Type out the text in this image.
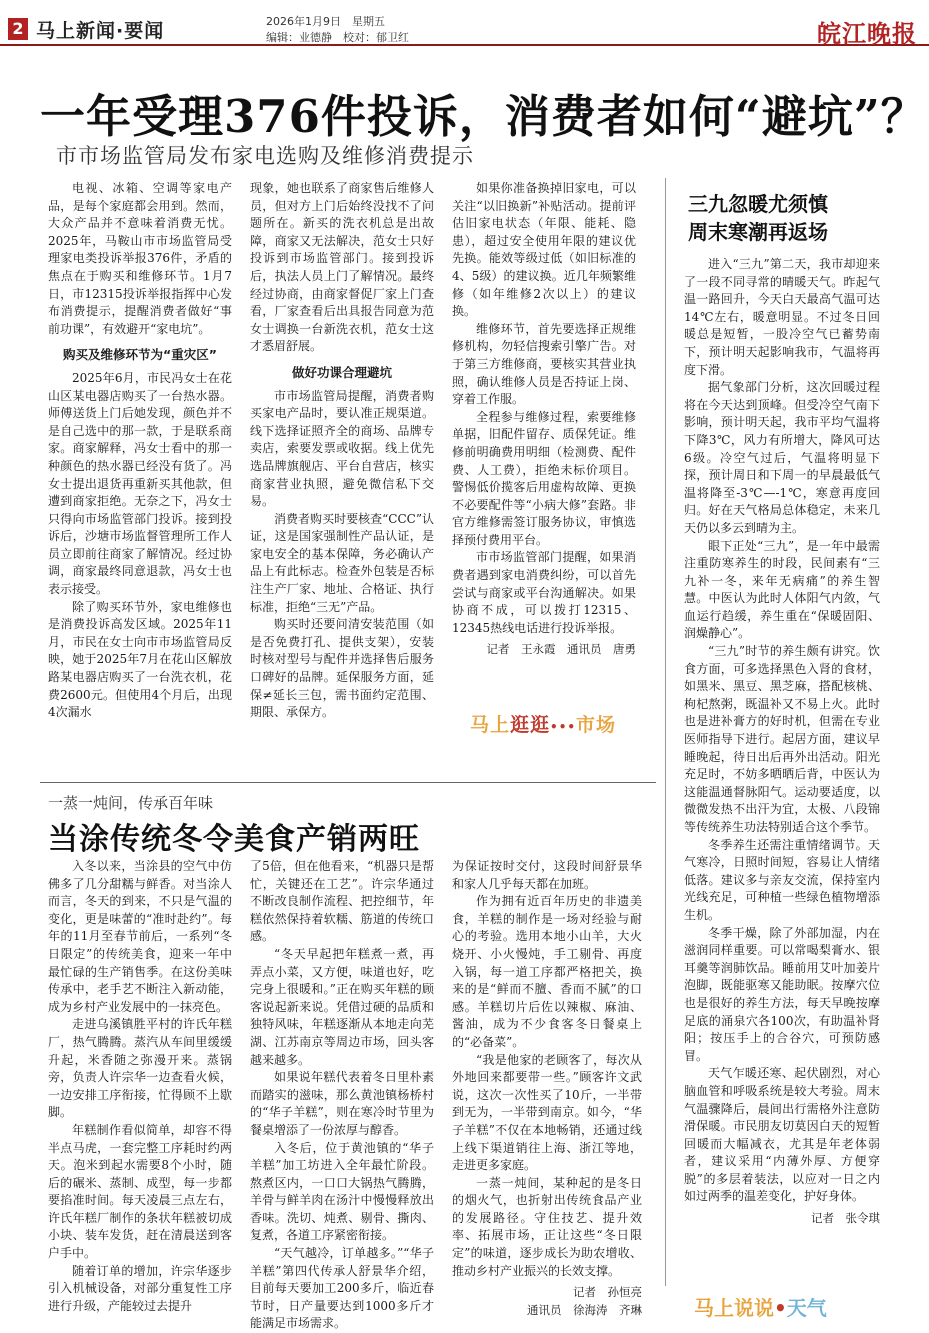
2 马上新闻·要闻	2026年1月9日　星期五
编辑：业德静　校对：郁卫红	皖江晚报
一年受理376件投诉，消费者如何“避坑”？
市市场监管局发布家电选购及维修消费提示

电视、冰箱、空调等家电产品，是每个家庭都会用到。然而，大众产品并不意味着消费无忧。2025年，马鞍山市市场监管局受理家电类投诉举报376件，矛盾的焦点在于购买和维修环节。1月7日，市12315投诉举报指挥中心发布消费提示，提醒消费者做好“事前功课”，有效避开“家电坑”。

购买及维修环节为“重灾区”

2025年6月，市民冯女士在花山区某电器店购买了一台热水器。师傅送货上门后她发现，颜色并不是自己选中的那一款，于是联系商家。商家解释，冯女士看中的那一种颜色的热水器已经没有货了。冯女士提出退货再重新买其他款，但遭到商家拒绝。无奈之下，冯女士只得向市场监管部门投诉。接到投诉后，沙塘市场监督管理所工作人员立即前往商家了解情况。经过协调，商家最终同意退款，冯女士也表示接受。

除了购买环节外，家电维修也是消费投诉高发区域。2025年11月，市民在女士向市市场监管局反映，她于2025年7月在花山区解放路某电器店购买了一台洗衣机，花费2600元。但使用4个月后，出现4次漏水

现象，她也联系了商家售后维修人员，但对方上门后始终没找不了问题所在。新买的洗衣机总是出故障，商家又无法解决，范女士只好投诉到市场监管部门。接到投诉后，执法人员上门了解情况。最终经过协商，由商家督促厂家上门查看，厂家查看后出具报告同意为范女士调换一台新洗衣机，范女士这才悉眉舒展。

做好功课合理避坑

市市场监管局提醒，消费者购买家电产品时，要认准正规渠道。线下选择证照齐全的商场、品牌专卖店，索要发票或收据。线上优先选品牌旗舰店、平台自营店，核实商家营业执照，避免微信私下交易。

消费者购买时要核查“CCC”认证，这是国家强制性产品认证，是家电安全的基本保障，务必确认产品上有此标志。检查外包装是否标注生产厂家、地址、合格证、执行标准，拒绝“三无”产品。

购买时还要问清安装范围（如是否免费打孔、提供支架），安装时核对型号与配件并选择售后服务口碑好的品牌。延保服务方面，延保≠延长三包，需书面约定范围、期限、承保方。

如果你准备换掉旧家电，可以关注“以旧换新”补贴活动。提前评估旧家电状态（年限、能耗、隐患），超过安全使用年限的建议优先换。能效等级过低（如旧标准的4、5级）的建议换。近几年频繁维修（如年维修2次以上）的建议换。

维修环节，首先要选择正规维修机构，勿轻信搜索引擎广告。对于第三方维修商，要核实其营业执照，确认维修人员是否持证上岗、穿着工作服。

全程参与维修过程，索要维修单据，旧配件留存、质保凭证。维修前明确费用明细（检测费、配件费、人工费），拒绝未标价项目。警惕低价揽客后用虚构故障、更换不必要配件等“小病大修”套路。非官方维修需签订服务协议，审慎选择预付费用平台。

市市场监管部门提醒，如果消费者遇到家电消费纠纷，可以首先尝试与商家或平台沟通解决。如果协商不成，可以拨打12315、12345热线电话进行投诉举报。

记者　王永霞　通讯员　唐勇

马上逛逛•••市场
一蒸一炖间，传承百年味
当涂传统冬令美食产销两旺

入冬以来，当涂县的空气中仿佛多了几分甜糯与鲜香。对当涂人而言，冬天的到来，不只是气温的变化，更是味蕾的“准时赴约”。每年的11月至春节前后，一系列“冬日限定”的传统美食，迎来一年中最忙碌的生产销售季。在这份美味传承中，老手艺不断注入新动能，成为乡村产业发展中的一抹亮色。

走进乌溪镇胜平村的许氏年糕厂，热气腾腾。蒸汽从车间里缓缓升起，米香随之弥漫开来。蒸锅旁，负责人许宗华一边查看火候，一边安排工序衔接，忙得顾不上歇脚。

年糕制作看似简单，却容不得半点马虎，一套完整工序耗时约两天。泡米到起水需要8个小时，随后的碾米、蒸制、成型，每一步都要掐准时间。每天凌晨三点左右，许氏年糕厂制作的条状年糕被切成小块、装车发货，赶在清晨送到客户手中。

随着订单的增加，许宗华逐步引入机械设备，对部分重复性工序进行升级，产能较过去提升

了5倍，但在他看来，“机器只是帮忙，关键还在工艺”。许宗华通过不断改良制作流程、把控细节，年糕依然保持着软糯、筋道的传统口感。

“冬天早起把年糕煮一煮，再弄点小菜，又方便，味道也好，吃完身上很暖和。”正在购买年糕的顾客说起新来说。凭借过硬的品质和独特风味，年糕逐渐从本地走向芜湖、江苏南京等周边市场，回头客越来越多。

如果说年糕代表着冬日里朴素而踏实的滋味，那么黄池镇杨桥村的“华子羊糕”，则在寒冷时节里为餐桌增添了一份浓厚与醇香。

入冬后，位于黄池镇的“华子羊糕”加工坊进入全年最忙阶段。熬煮区内，一口口大锅热气腾腾，羊骨与鲜羊肉在汤汁中慢慢释放出香味。洗切、炖煮、剔骨、撕肉、复煮，各道工序紧密衔接。

“天气越冷，订单越多。”“华子羊糕”第四代传承人舒景华介绍，目前每天要加工200多斤，临近春节时，日产量要达到1000多斤才能满足市场需求。

为保证按时交付，这段时间舒景华和家人几乎每天都在加班。

作为拥有近百年历史的非遗美食，羊糕的制作是一场对经验与耐心的考验。选用本地小山羊，大火烧开、小火慢炖，手工剔骨、再度入锅，每一道工序都严格把关，换来的是“鲜而不膻、香而不腻”的口感。羊糕切片后佐以辣椒、麻油、酱油，成为不少食客冬日餐桌上的“必备菜”。

“我是他家的老顾客了，每次从外地回来都要带一些。”顾客许文武说，这次一次性买了10斤，一半带到无为，一半带到南京。如今，“华子羊糕”不仅在本地畅销，还通过线上线下渠道销往上海、浙江等地，走进更多家庭。

一蒸一炖间，某种起的是冬日的烟火气，也折射出传统食品产业的发展路径。守住技艺、提升效率、拓展市场，正让这些“冬日限定”的味道，逐步成长为助农增收、推动乡村产业振兴的长效支撑。

记者　孙恒亮

通讯员　徐海涛　齐琳

三九忽暖尤须慎
周末寒潮再返场

进入“三九”第二天，我市却迎来了一段不同寻常的晴暖天气。昨起气温一路回升，今天白天最高气温可达14℃左右，暖意明显。不过冬日回暖总是短暂，一股冷空气已蓄势南下，预计明天起影响我市，气温将再度下滑。

据气象部门分析，这次回暖过程将在今天达到顶峰。但受冷空气南下影响，预计明天起，我市平均气温将下降3℃，风力有所增大，降风可达6级。冷空气过后，气温将明显下探，预计周日和下周一的早晨最低气温将降至-3℃—-1℃，寒意再度回归。好在天气格局总体稳定，未来几天仍以多云到晴为主。

眼下正处“三九”，是一年中最需注重防寒养生的时段，民间素有“三九补一冬，来年无病痛”的养生智慧。中医认为此时人体阳气内敛，气血运行趋缓，养生重在“保暖固阳、润燥静心”。

“三九”时节的养生颇有讲究。饮食方面，可多选择黑色入肾的食材，如黑米、黑豆、黑芝麻，搭配核桃、枸杞熬粥，既温补又不易上火。此时也是进补膏方的好时机，但需在专业医师指导下进行。起居方面，建议早睡晚起，待日出后再外出活动。阳光充足时，不妨多晒晒后背，中医认为这能温通督脉阳气。运动要适度，以微微发热不出汗为宜，太极、八段锦等传统养生功法特别适合这个季节。

冬季养生还需注重情绪调节。天气寒冷，日照时间短，容易让人情绪低落。建议多与亲友交流，保持室内光线充足，可种植一些绿色植物增添生机。

冬季干燥，除了外部加湿，内在滋润同样重要。可以常喝梨膏水、银耳羹等润肺饮品。睡前用艾叶加姜片泡脚，既能驱寒又能助眠。按摩穴位也是很好的养生方法，每天早晚按摩足底的涌泉穴各100次，有助温补肾阳；按压手上的合谷穴，可预防感冒。

天气乍暖还寒、起伏剧烈，对心脑血管和呼吸系统是较大考验。周末气温骤降后，晨间出行需格外注意防滑保暖。市民朋友切莫因白天的短暂回暖而大幅减衣，尤其是年老体弱者，建议采用“内薄外厚、方便穿脱”的多层着装法，以应对一日之内如过两季的温差变化，护好身体。

记者　张令琪

马上说说•天气
